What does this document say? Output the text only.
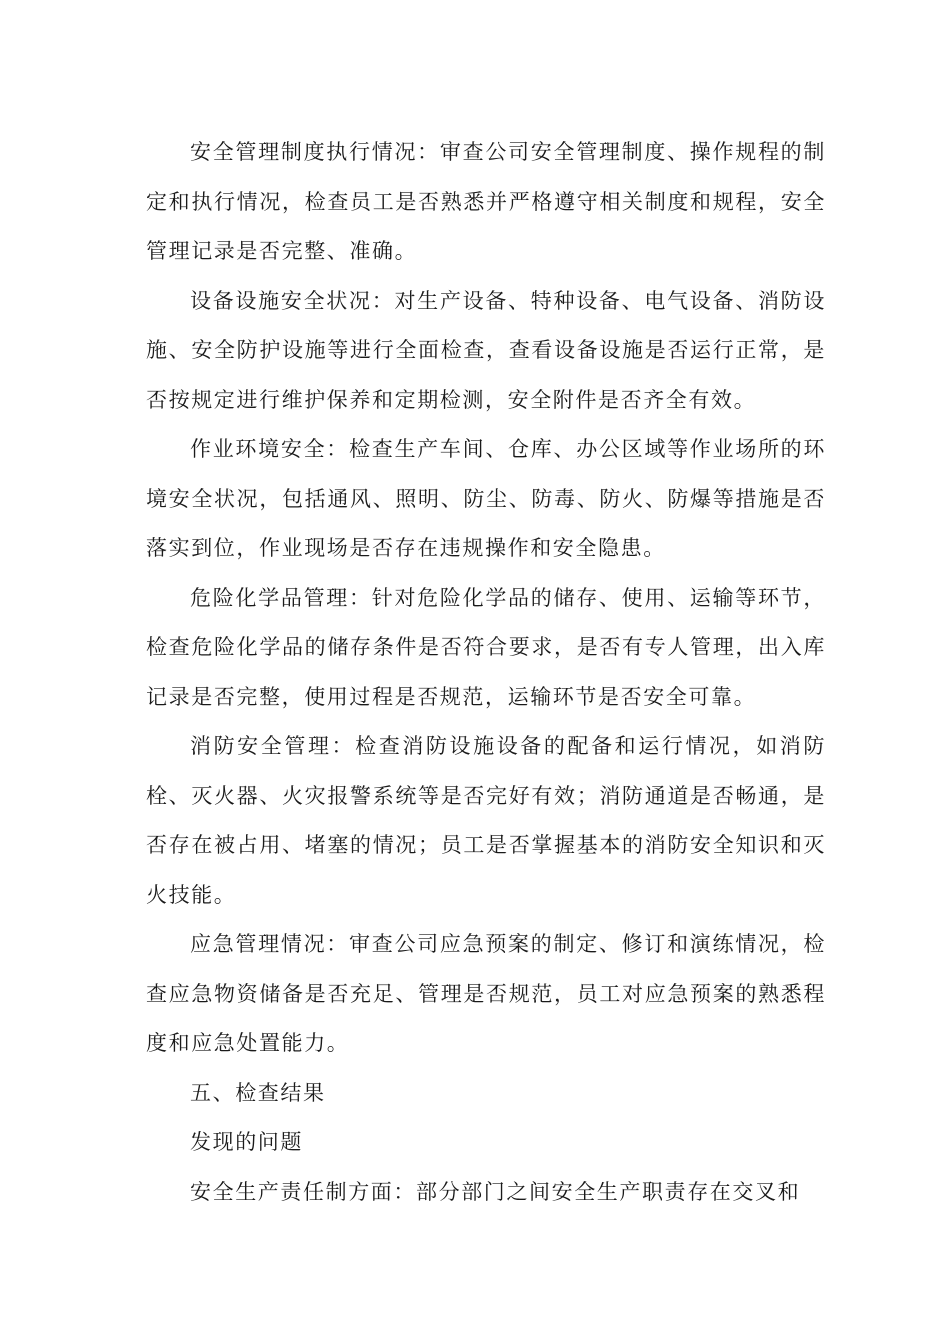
安全管理制度执行情况：审查公司安全管理制度、操作规程的制定和执行情况，检查员工是否熟悉并严格遵守相关制度和规程，安全管理记录是否完整、准确。

设备设施安全状况：对生产设备、特种设备、电气设备、消防设施、安全防护设施等进行全面检查，查看设备设施是否运行正常，是否按规定进行维护保养和定期检测，安全附件是否齐全有效。

作业环境安全：检查生产车间、仓库、办公区域等作业场所的环境安全状况，包括通风、照明、防尘、防毒、防火、防爆等措施是否落实到位，作业现场是否存在违规操作和安全隐患。

危险化学品管理：针对危险化学品的储存、使用、运输等环节，检查危险化学品的储存条件是否符合要求，是否有专人管理，出入库记录是否完整，使用过程是否规范，运输环节是否安全可靠。

消防安全管理：检查消防设施设备的配备和运行情况，如消防栓、灭火器、火灾报警系统等是否完好有效；消防通道是否畅通，是否存在被占用、堵塞的情况；员工是否掌握基本的消防安全知识和灭火技能。

应急管理情况：审查公司应急预案的制定、修订和演练情况，检查应急物资储备是否充足、管理是否规范，员工对应急预案的熟悉程度和应急处置能力。

五、检查结果

发现的问题

安全生产责任制方面：部分部门之间安全生产职责存在交叉和
